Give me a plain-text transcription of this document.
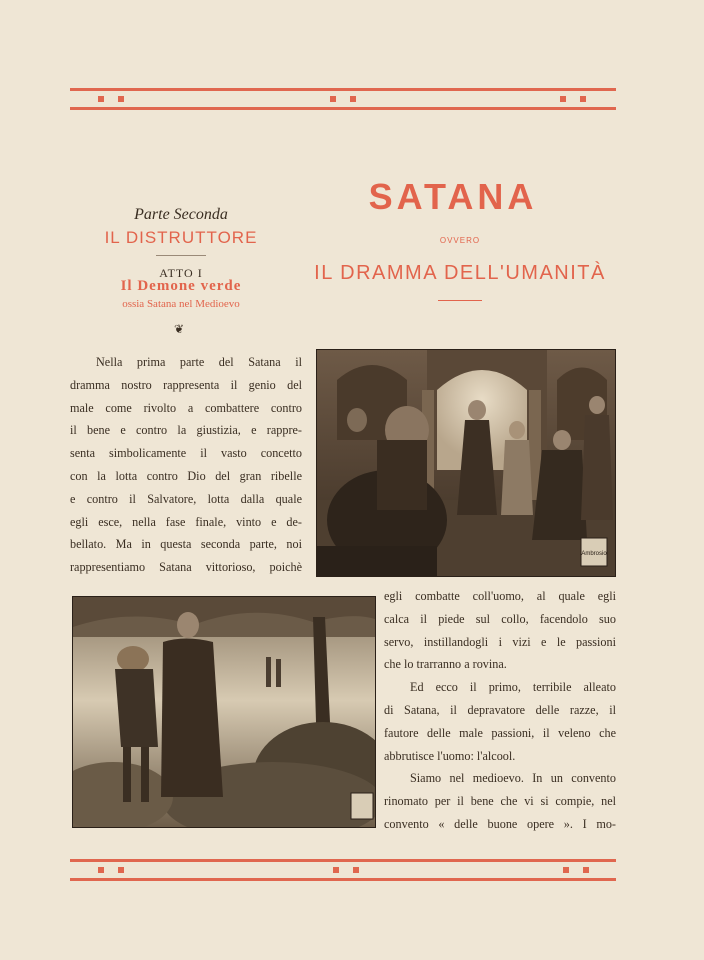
SATANA
OVVERO
IL DRAMMA DELL'UMANITÀ
Parte Seconda
IL DISTRUTTORE
ATTO I
Il Demone verde
ossia Satana nel Medioevo
❦
Nella prima parte del Satana il
dramma nostro rappresenta il genio del
male come rivolto a combattere contro
il bene e contro la giustizia, e rappre-
senta simbolicamente il vasto concetto
con la lotta contro Dio del gran ribelle
e contro il Salvatore, lotta dalla quale
egli esce, nella fase finale, vinto e de-
bellato. Ma in questa seconda parte, noi
rappresentiamo Satana vittorioso, poichè
Ambrosio
egli combatte coll'uomo, al quale egli
calca il piede sul collo, facendolo suo
servo, instillandogli i vizi e le passioni
che lo trarranno a rovina.
Ed ecco il primo, terribile alleato
di Satana, il depravatore delle razze, il
fautore delle male passioni, il veleno che
abbrutisce l'uomo: l'alcool.
Siamo nel medioevo. In un convento
rinomato per il bene che vi si compie, nel
convento « delle buone opere ». I mo-
